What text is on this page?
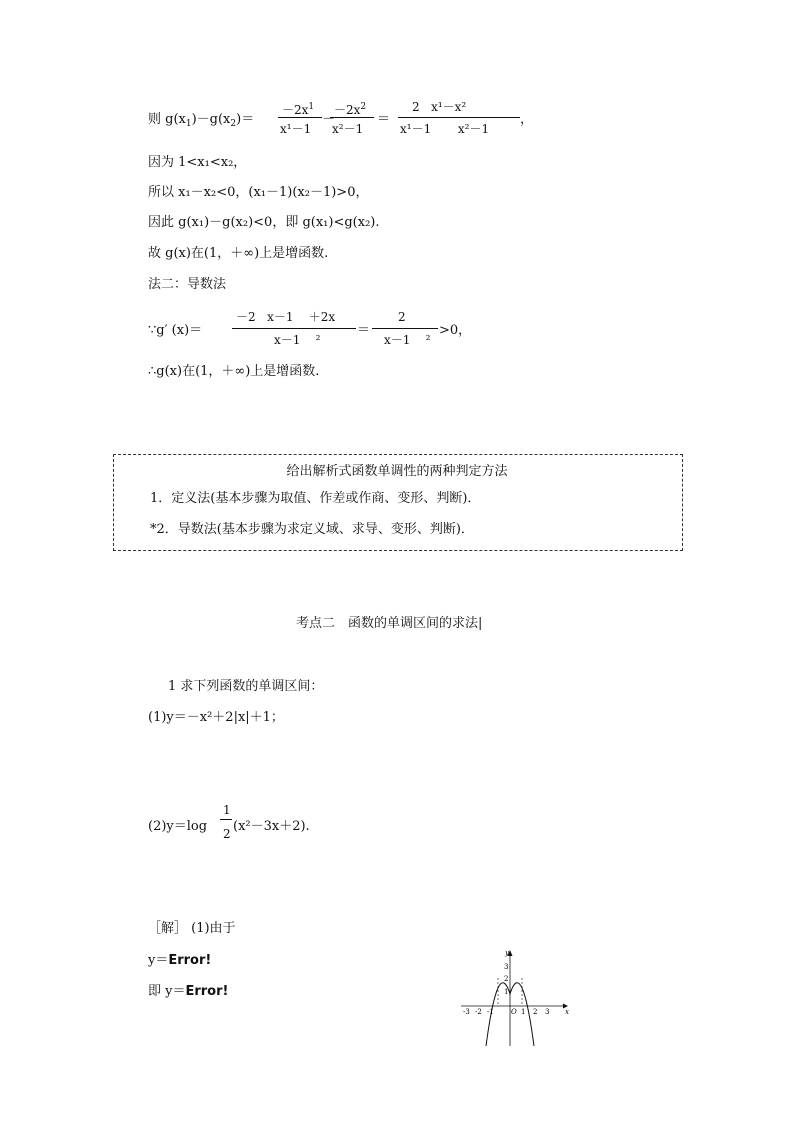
则 $g(x_1)-g(x_2)=$
$-2x^1$
x¹－1
－
$-2x^2$
x²－1
＝
2   x¹－x²
x¹－1       x²－1
，
因为 1<x₁<x₂，
所以 x₁－x₂<0，(x₁－1)(x₂－1)>0，
因此 g(x₁)－g(x₂)<0，即 g(x₁)<g(x₂).
故 g(x)在(1，＋∞)上是增函数.
法二：导数法
∵g′ (x)＝
－2   x－1    ＋2x
x－1    ²
＝
2
x－1    ²
>0，
∴g(x)在(1，＋∞)上是增函数.
给出解析式函数单调性的两种判定方法
1．定义法(基本步骤为取值、作差或作商、变形、判断)．
*2．导数法(基本步骤为求定义域、求导、变形、判断)．
考点二　函数的单调区间的求法|
1 求下列函数的单调区间：
(1)y＝－x²＋2|x|＋1；
(2)y＝log
1
2 (x²－3x＋2).
［解］ (1)由于
y＝Error!
即 y＝Error!
y
x
O
-3 -2 -1	1 2 3
3
2
1
